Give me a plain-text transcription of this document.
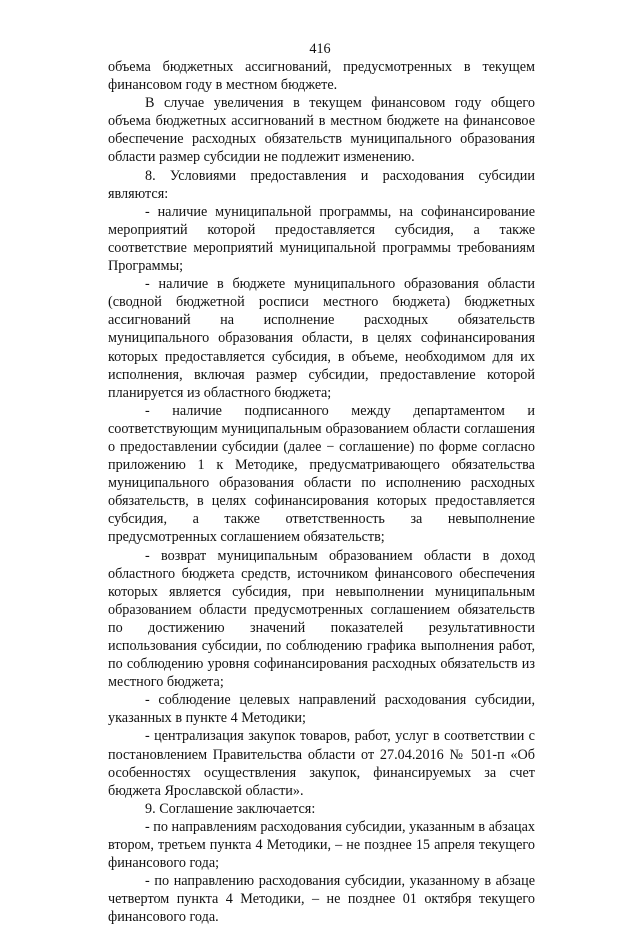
416

объема бюджетных ассигнований, предусмотренных в текущем финансовом году в местном бюджете.

В случае увеличения в текущем финансовом году общего объема бюджетных ассигнований в местном бюджете на финансовое обеспечение расходных обязательств муниципального образования области размер субсидии не подлежит изменению.

8. Условиями предоставления и расходования субсидии являются:

- наличие муниципальной программы, на софинансирование мероприятий которой предоставляется субсидия, а также соответствие мероприятий муниципальной программы требованиям Программы;

- наличие в бюджете муниципального образования области (сводной бюджетной росписи местного бюджета) бюджетных ассигнований на исполнение расходных обязательств муниципального образования области, в целях софинансирования которых предоставляется субсидия, в объеме, необходимом для их исполнения, включая размер субсидии, предоставление которой планируется из областного бюджета;

- наличие подписанного между департаментом и соответствующим муниципальным образованием области соглашения о предоставлении субсидии (далее − соглашение) по форме согласно приложению 1 к Методике, предусматривающего обязательства муниципального образования области по исполнению расходных обязательств, в целях софинансирования которых предоставляется субсидия, а также ответственность за невыполнение предусмотренных соглашением обязательств;

- возврат муниципальным образованием области в доход областного бюджета средств, источником финансового обеспечения которых является субсидия, при невыполнении муниципальным образованием области предусмотренных соглашением обязательств по достижению значений показателей результативности использования субсидии, по соблюдению графика выполнения работ, по соблюдению уровня софинансирования расходных обязательств из местного бюджета;

- соблюдение целевых направлений расходования субсидии, указанных в пункте 4 Методики;

- централизация закупок товаров, работ, услуг в соответствии с постановлением Правительства области от 27.04.2016 № 501-п «Об особенностях осуществления закупок, финансируемых за счет бюджета Ярославской области».

9. Соглашение заключается:

- по направлениям расходования субсидии, указанным в абзацах втором, третьем пункта 4 Методики, – не позднее 15 апреля текущего финансового года;

- по направлению расходования субсидии, указанному в абзаце четвертом пункта 4 Методики, – не позднее 01 октября текущего финансового года.
